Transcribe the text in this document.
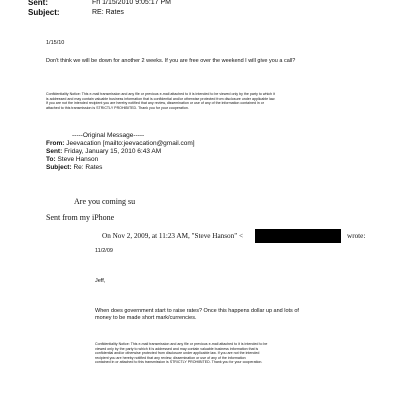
Sent:	Fri 1/15/2010 9:05:17 PM
Subject:	RE: Rates
1/15/10
Don't think we will be down for another 2 weeks. If you are free over the weekend I will give you a call?
Confidentiality Notice: This e-mail transmission and any file or previous e-mail attached to it is intended to be viewed only by the party to which it
is addressed and may contain valuable business information that is confidential and/or otherwise protected from disclosure under applicable law.
If you are not the intended recipient you are hereby notified that any review, dissemination or use of any of the information contained in or
attached to this transmission is STRICTLY PROHIBITED. Thank you for your cooperation.
-----Original Message-----
From: Jeevacation [mailto:jeevacation@gmail.com]
Sent: Friday, January 15, 2010 6:43 AM
To: Steve Hanson
Subject: Re: Rates
Are you coming su
Sent from my iPhone
On Nov 2, 2009, at 11:23 AM, "Steve Hanson" <	wrote:
11/2/09
Jeff,
When does government start to raise rates? Once this happens dollar up and lots of
money to be made short mark/currencies.
Confidentiality Notice: This e-mail transmission and any file or previous e-mail attached to it is intended to be
viewed only by the party to which it is addressed and may contain valuable business information that is
confidential and/or otherwise protected from disclosure under applicable law. If you are not the intended
recipient you are hereby notified that any review, dissemination or use of any of the information
contained in or attached to this transmission is STRICTLY PROHIBITED. Thank you for your cooperation.
